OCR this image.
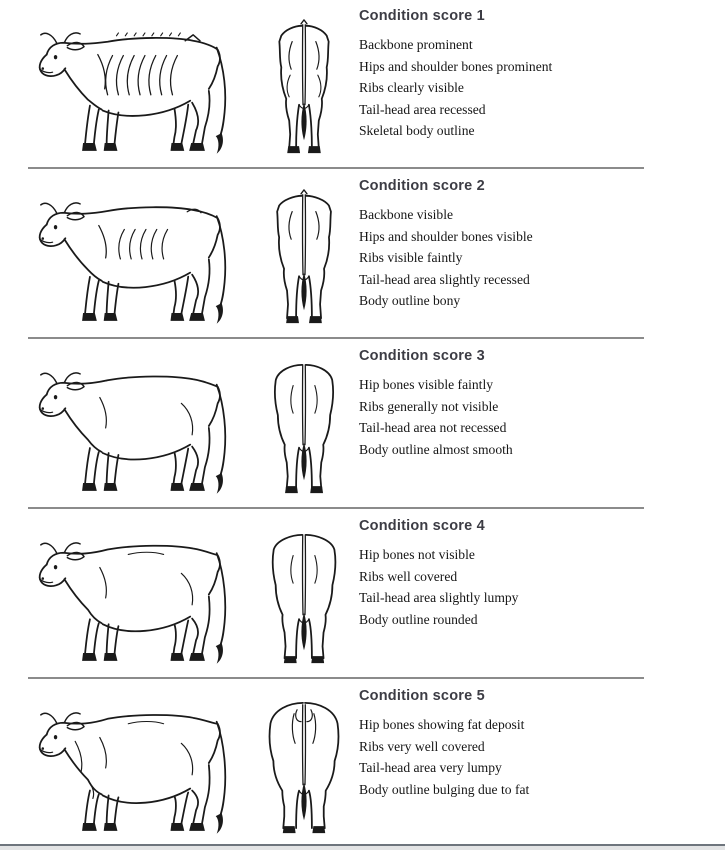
Condition score 1
Backbone prominent
Hips and shoulder bones prominent
Ribs clearly visible
Tail-head area recessed
Skeletal body outline
Condition score 2
Backbone visible
Hips and shoulder bones visible
Ribs visible faintly
Tail-head area slightly recessed
Body outline bony
Condition score 3
Hip bones visible faintly
Ribs generally not visible
Tail-head area not recessed
Body outline almost smooth
Condition score 4
Hip bones not visible
Ribs well covered
Tail-head area slightly lumpy
Body outline rounded
Condition score 5
Hip bones showing fat deposit
Ribs very well covered
Tail-head area very lumpy
Body outline bulging due to fat
